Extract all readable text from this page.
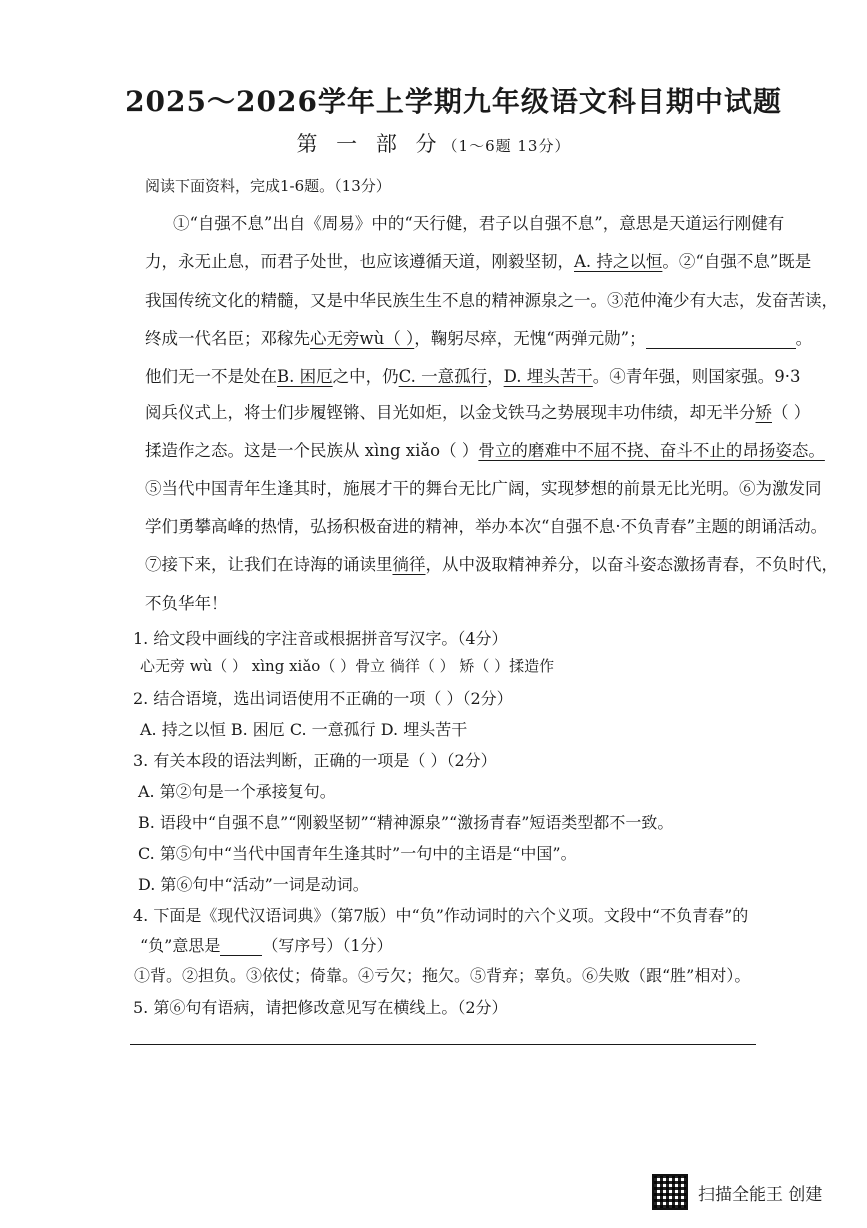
2025～2026学年上学期九年级语文科目期中试题
第 一 部 分（1～6题 13分）
阅读下面资料，完成1-6题。（13分）
①“自强不息”出自《周易》中的“天行健，君子以自强不息”，意思是天道运行刚健有
力，永无止息，而君子处世，也应该遵循天道，刚毅坚韧，A. 持之以恒。②“自强不息”既是
我国传统文化的精髓，又是中华民族生生不息的精神源泉之一。③范仲淹少有大志，发奋苦读，
终成一代名臣；邓稼先心无旁wù（ ），鞠躬尽瘁，无愧“两弹元勋”；	。
他们无一不是处在B. 困厄之中，仍C. 一意孤行，D. 埋头苦干。④青年强，则国家强。9·3
阅兵仪式上，将士们步履铿锵、目光如炬，以金戈铁马之势展现丰功伟绩，却无半分矫（ ）
揉造作之态。这是一个民族从 xìng xiǎo（ ）骨立的磨难中不屈不挠、奋斗不止的昂扬姿态。
⑤当代中国青年生逢其时，施展才干的舞台无比广阔，实现梦想的前景无比光明。⑥为激发同
学们勇攀高峰的热情，弘扬积极奋进的精神，举办本次“自强不息·不负青春”主题的朗诵活动。
⑦接下来，让我们在诗海的诵读里徜徉，从中汲取精神养分，以奋斗姿态激扬青春，不负时代，
不负华年！
1. 给文段中画线的字注音或根据拼音写汉字。（4分）
心无旁 wù（ ） xìng xiǎo（ ）骨立 徜徉（ ） 矫（ ）揉造作
2. 结合语境，选出词语使用不正确的一项（ ）（2分）
A. 持之以恒 B. 困厄 C. 一意孤行 D. 埋头苦干
3. 有关本段的语法判断，正确的一项是（ ）（2分）
A. 第②句是一个承接复句。
B. 语段中“自强不息”“刚毅坚韧”“精神源泉”“激扬青春”短语类型都不一致。
C. 第⑤句中“当代中国青年生逢其时”一句中的主语是“中国”。
D. 第⑥句中“活动”一词是动词。
4. 下面是《现代汉语词典》（第7版）中“负”作动词时的六个义项。文段中“不负青春”的
“负”意思是	（写序号）（1分）
①背。②担负。③依仗；倚靠。④亏欠；拖欠。⑤背弃；辜负。⑥失败（跟“胜”相对）。
5. 第⑥句有语病，请把修改意见写在横线上。（2分）
扫描全能王 创建
